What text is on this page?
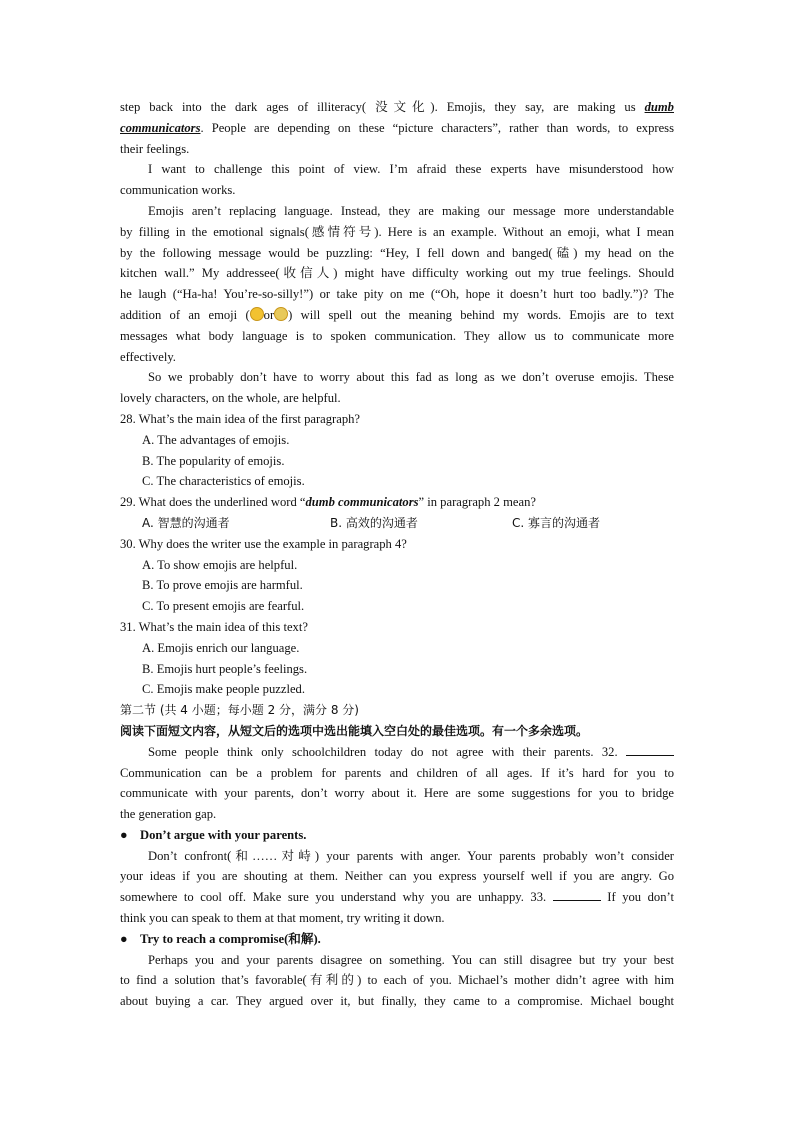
step back into the dark ages of illiteracy( 没文化). Emojis, they say, are making us dumb
communicators. People are depending on these “picture characters”, rather than words, to express
their feelings.
I want to challenge this point of view. I’m afraid these experts have misunderstood how
communication works.
Emojis aren’t replacing language. Instead, they are making our message more understandable
by filling in the emotional signals(感情符号). Here is an example. Without an emoji, what I mean
by the following message would be puzzling: “Hey, I fell down and banged(磕) my head on the
kitchen wall.” My addressee(收信人) might have difficulty working out my true feelings. Should
he laugh (“Ha-ha! You’re-so-silly!”) or take pity on me (“Oh, hope it doesn’t hurt too badly.”)? The
addition of an emoji ( or ) will spell out the meaning behind my words. Emojis are to text
messages what body language is to spoken communication. They allow us to communicate more
effectively.
So we probably don’t have to worry about this fad as long as we don’t overuse emojis. These
lovely characters, on the whole, are helpful.
28. What’s the main idea of the first paragraph?
A. The advantages of emojis.
B. The popularity of emojis.
C. The characteristics of emojis.
29. What does the underlined word “dumb communicators” in paragraph 2 mean?
A. 智慧的沟通者	B. 高效的沟通者	C. 寡言的沟通者
30. Why does the writer use the example in paragraph 4?
A. To show emojis are helpful.
B. To prove emojis are harmful.
C. To present emojis are fearful.
31. What’s the main idea of this text?
A. Emojis enrich our language.
B. Emojis hurt people’s feelings.
C. Emojis make people puzzled.
第二节 (共 4 小题；每小题 2 分，满分 8 分)
阅读下面短文内容，从短文后的选项中选出能填入空白处的最佳选项。有一个多余选项。
Some people think only schoolchildren today do not agree with their parents. 32.
Communication can be a problem for parents and children of all ages. If it’s hard for you to
communicate with your parents, don’t worry about it. Here are some suggestions for you to bridge
the generation gap.
● Don’t argue with your parents.
Don’t confront(和……对峙) your parents with anger. Your parents probably won’t consider
your ideas if you are shouting at them. Neither can you express yourself well if you are angry. Go
somewhere to cool off. Make sure you understand why you are unhappy. 33.	If you don’t
think you can speak to them at that moment, try writing it down.
● Try to reach a compromise(和解).
Perhaps you and your parents disagree on something. You can still disagree but try your best
to find a solution that’s favorable(有利的) to each of you. Michael’s mother didn’t agree with him
about buying a car. They argued over it, but finally, they came to a compromise. Michael bought
